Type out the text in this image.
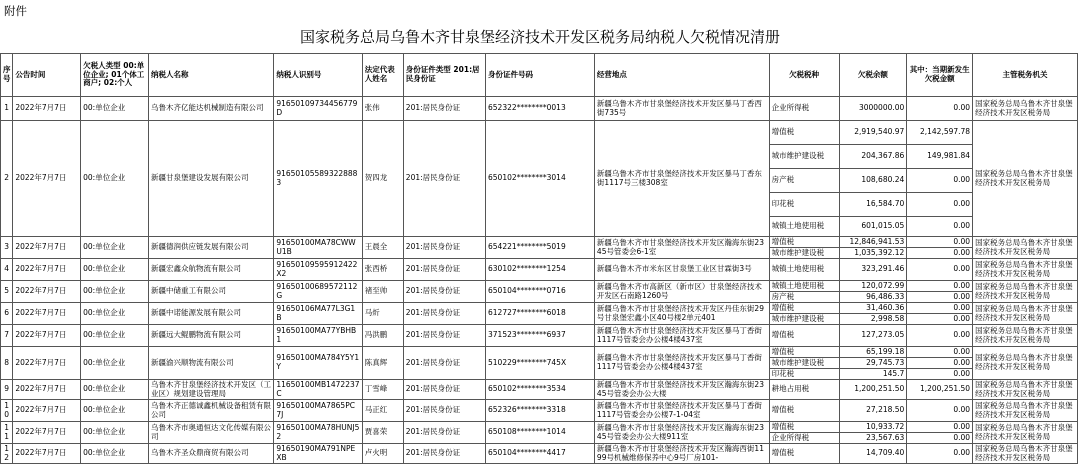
附件
国家税务总局乌鲁木齐甘泉堡经济技术开发区税务局纳税人欠税情况清册
序号	公告时间	欠税人类型 00:单位企业; 01个体工商户; 02:个人	纳税人名称	纳税人识别号	法定代表人姓名	身份证件类型 201:居民身份证	身份证件号码	经营地点	欠税税种	欠税余额	其中：当期新发生欠税金额	主管税务机关
1	2022年7月7日	00:单位企业	乌鲁木齐亿能达机械制造有限公司	91650109734456779D	张伟	201:居民身份证	652322********0013	新疆乌鲁木齐市甘泉堡经济技术开发区暴马丁香西街735号	企业所得税	3000000.00	0.00	国家税务总局乌鲁木齐甘泉堡经济技术开发区税务局
2	2022年7月7日	00:单位企业	新疆甘泉堡建设发展有限公司	91650105589322888 3	贺四龙	201:居民身份证	650102********3014	新疆乌鲁木齐市甘泉堡经济技术开发区暴马丁香东街1117号三楼308室	增值税	2,919,540.97	2,142,597.78	国家税务总局乌鲁木齐甘泉堡经济技术开发区税务局
									城市维护建设税	204,367.86	149,981.84	
									房产税	108,680.24	0.00	
									印花税	16,584.70	0.00	
									城镇土地使用税	601,015.05	0.00	
3	2022年7月7日	00:单位企业	新疆德润供应链发展有限公司	91650100MA78CWWU1B	王晨全	201:居民身份证	654221********5019	新疆乌鲁木齐市甘泉堡经济技术开发区瀚海东街2345号管委会6-1室	增值税	12,846,941.53	0.00	国家税务总局乌鲁木齐甘泉堡经济技术开发区税务局
									城市维护建设税	1,035,392.12	0.00	
4	2022年7月7日	00:单位企业	新疆宏鑫众航物流有限公司	91650109595912422X2	张西桥	201:居民身份证	630102********1254	新疆乌鲁木齐市米东区甘泉堡工业区甘霖街3号	城镇土地使用税	323,291.46	0.00	国家税务总局乌鲁木齐甘泉堡经济技术开发区税务局
5	2022年7月7日	00:单位企业	新疆中储重工有限公司	91650100689572112G	褚至帅	201:居民身份证	650104********0716	新疆乌鲁木齐市高新区（新市区）甘泉堡经济技术开发区石南路1260号	城镇土地使用税	120,072.99	0.00	国家税务总局乌鲁木齐甘泉堡经济技术开发区税务局
									房产税	96,486.33	0.00	
6	2022年7月7日	00:单位企业	新疆中诺能源发展有限公司	91650106MA77L3G1B	马炘	201:居民身份证	612727********6018	新疆乌鲁木齐市甘泉堡经济技术开发区丹佳东街29号甘泉堡宏鑫小区40号楼2单元401	增值税	31,460.36	0.00	国家税务总局乌鲁木齐甘泉堡经济技术开发区税务局
									城市维护建设税	2,998.58	0.00	
7	2022年7月7日	00:单位企业	新疆远大鲲鹏物流有限公司	91650100MA77YBHB1	冯洪鹏	201:居民身份证	371523********6937	新疆乌鲁木齐市甘泉堡经济技术开发区暴马丁香街1117号管委会办公楼4楼437室	增值税	127,273.05	0.00	国家税务总局乌鲁木齐甘泉堡经济技术开发区税务局
8	2022年7月7日	00:单位企业	新疆渝兴顺物流有限公司	91650100MA784Y5Y1Y	陈真辉	201:居民身份证	510229********745X	新疆乌鲁木齐市甘泉堡经济技术开发区暴马丁香街1117号管委会办公楼4楼437室	增值税	65,199.18	0.00	国家税务总局乌鲁木齐甘泉堡经济技术开发区税务局
									城市维护建设税	29,745.73	0.00	
									印花税	145.7	0.00	
9	2022年7月7日	00:单位企业	乌鲁木齐甘泉堡经济技术开发区（工业区）规划建设管理局	11650100MB1472237C	丁雪峰	201:居民身份证	650102********3534	新疆乌鲁木齐市甘泉堡经济技术开发区瀚海东街2345号管委会办公大楼	耕地占用税	1,200,251.50	1,200,251.50	国家税务总局乌鲁木齐甘泉堡经济技术开发区税务局
10	2022年7月7日	00:单位企业	乌鲁木齐正德诚鑫机械设备租赁有限公司	91650100MA7865PC7J	马正红	201:居民身份证	652326********3318	新疆乌鲁木齐市甘泉堡经济技术开发区暴马丁香街1117号管委会办公楼7-1-04室	增值税	27,218.50	0.00	国家税务总局乌鲁木齐甘泉堡经济技术开发区税务局
11	2022年7月7日	00:单位企业	乌鲁木齐市奥通恒达文化传媒有限公司	91650100MA78HUNJ52	贾喜荣	201:居民身份证	650108********1014	新疆乌鲁木齐市甘泉堡经济技术开发区瀚海东街2345号管委会办公大楼911室	增值税	10,933.72	0.00	国家税务总局乌鲁木齐甘泉堡经济技术开发区税务局
									企业所得税	23,567.63	0.00	
12	2022年7月7日	00:单位企业	乌鲁木齐圣众鼎商贸有限公司	91650190MA791NPEXB	卢火明	201:居民身份证	650104********4417	新疆乌鲁木齐市甘泉堡经济技术开发区瀚海西街1199号机械维修保养中心9号厂房101-	增值税	14,709.40	0.00	国家税务总局乌鲁木齐甘泉堡经济技术开发区税务局
